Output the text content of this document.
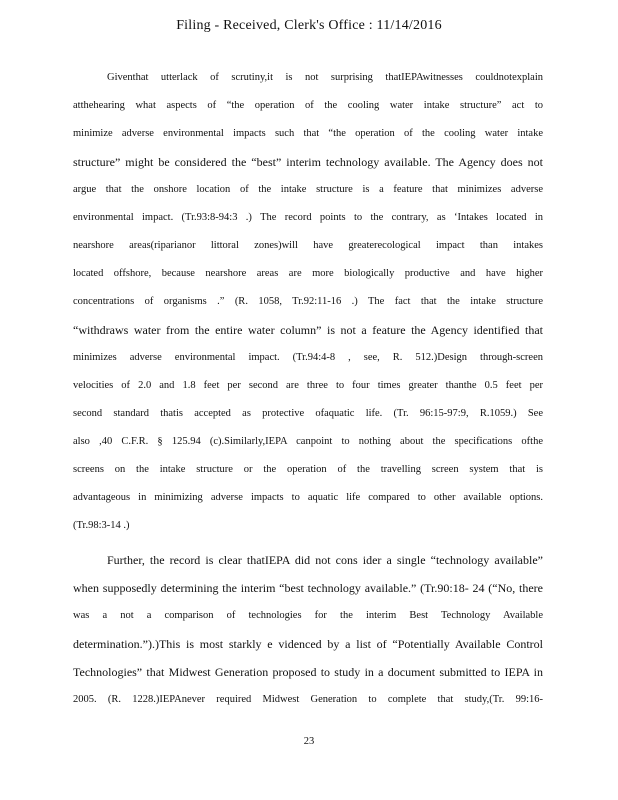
Filing - Received, Clerk's Office : 11/14/2016
Giventhat utterlack of scrutiny,it is not surprising thatIEPAwitnesses couldnotexplain
atthehearing what aspects of “the operation of the cooling water intake structure” act to
minimize adverse environmental impacts such that “the operation of the cooling water intake
structure” might be considered the “best” interim technology available. The Agency does not
argue that the onshore location of the intake structure is a feature that minimizes adverse
environmental impact. (Tr.93:8-94:3 .) The record points to the contrary, as ‘Intakes located in
nearshore areas(riparianor littoral zones)will have greaterecological impact than intakes
located offshore, because nearshore areas are more biologically productive and have higher
concentrations of organisms .” (R. 1058, Tr.92:11-16 .) The fact that the intake structure
“withdraws water from the entire water column” is not a feature the Agency identified that
minimizes adverse environmental impact. (Tr.94:4-8 , see, R. 512.)Design through-screen
velocities of 2.0 and 1.8 feet per second are three to four times greater thanthe 0.5 feet per
second standard thatis accepted as protective ofaquatic life. (Tr. 96:15-97:9, R.1059.) See
also ,40 C.F.R. § 125.94 (c).Similarly,IEPA canpoint to nothing about the specifications ofthe
screens on the intake structure or the operation of the travelling screen system that is
advantageous in minimizing adverse impacts to aquatic life compared to other available options.
(Tr.98:3-14 .)
Further, the record is clear thatIEPA did not cons ider a single “technology available”
when supposedly determining the interim “best technology available.” (Tr.90:18- 24 (“No, there
was a not a comparison of technologies for the interim Best Technology Available
determination.”).)This is most starkly e videnced by a list of “Potentially Available Control
Technologies” that Midwest Generation proposed to study in a document submitted to IEPA in
2005. (R. 1228.)IEPAnever required Midwest Generation to complete that study,(Tr. 99:16-
23
